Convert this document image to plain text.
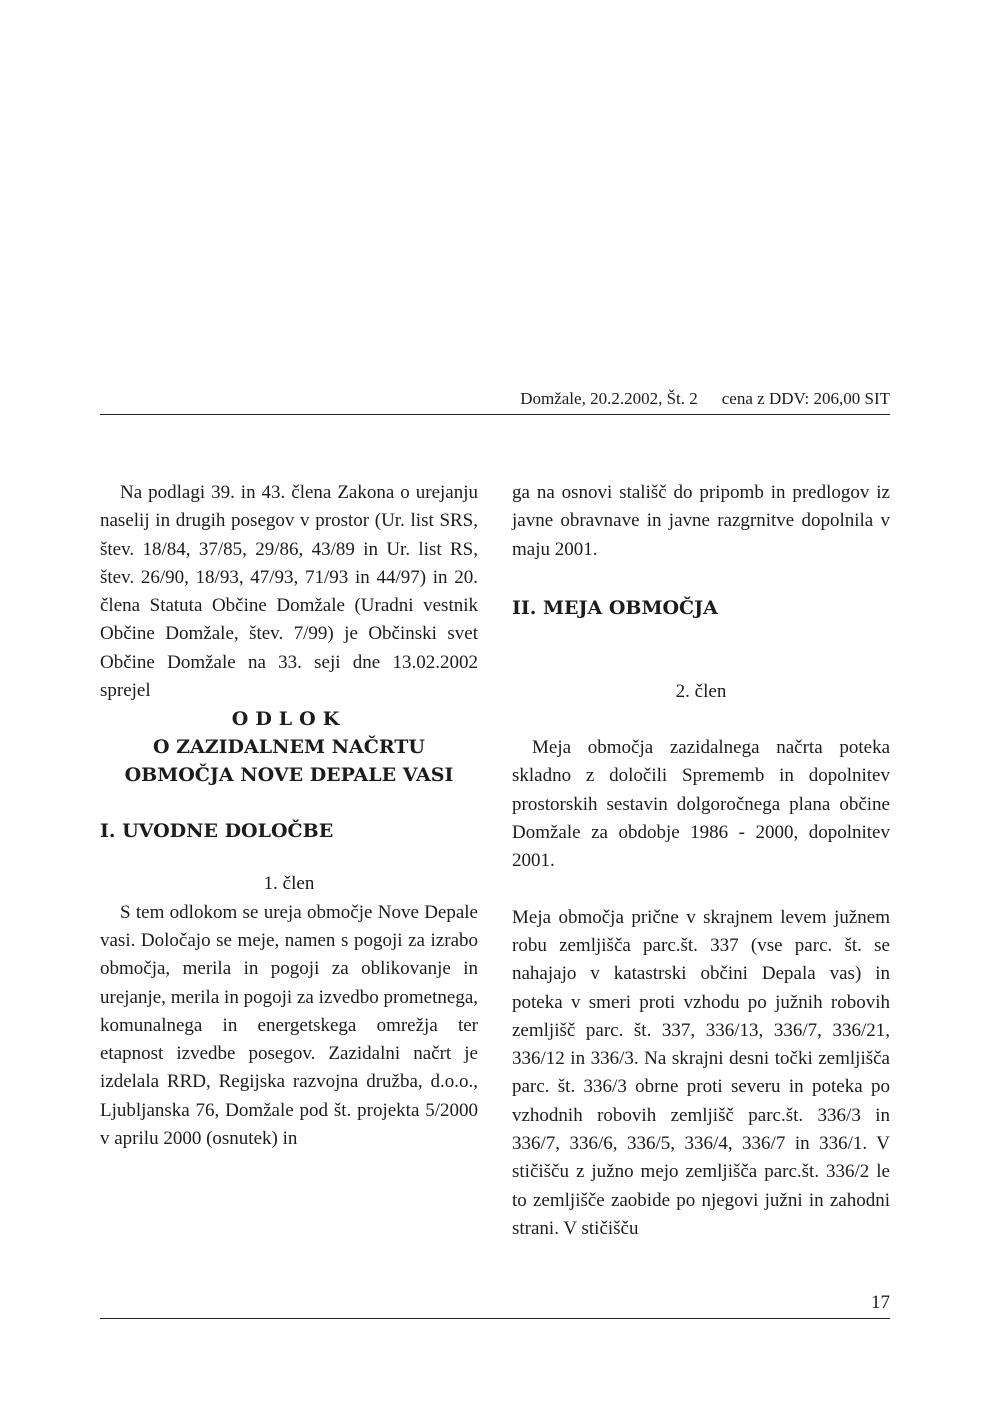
Domžale, 20.2.2002, Št. 2 cena z DDV: 206,00 SIT

Na podlagi 39. in 43. člena Zakona o urejanju naselij in drugih posegov v prostor (Ur. list SRS, štev. 18/84, 37/85, 29/86, 43/89 in Ur. list RS, štev. 26/90, 18/93, 47/93, 71/93 in 44/97) in 20. člena Statuta Občine Domžale (Uradni vestnik Občine Domžale, štev. 7/99) je Občinski svet Občine Domžale na 33. seji dne 13.02.2002 sprejel

ODLOK

O ZAZIDALNEM NAČRTU
OBMOČJA NOVE DEPALE VASI

I. UVODNE DOLOČBE

1. člen

S tem odlokom se ureja območje Nove Depale vasi. Določajo se meje, namen s pogoji za izrabo območja, merila in pogoji za oblikovanje in urejanje, merila in pogoji za izvedbo prometnega, komunalnega in energetskega omrežja ter etapnost izvedbe posegov. Zazidalni načrt je izdelala RRD, Regijska razvojna družba, d.o.o., Ljubljanska 76, Domžale pod št. projekta 5/2000 v aprilu 2000 (osnutek) in

ga na osnovi stališč do pripomb in predlogov iz javne obravnave in javne razgrnitve dopolnila v maju 2001.

II. MEJA OBMOČJA

2. člen

Meja območja zazidalnega načrta poteka skladno z določili Sprememb in dopolnitev prostorskih sestavin dolgoročnega plana občine Domžale za obdobje 1986 - 2000, dopolnitev 2001.

Meja območja prične v skrajnem levem južnem robu zemljišča parc.št. 337 (vse parc. št. se nahajajo v katastrski občini Depala vas) in poteka v smeri proti vzhodu po južnih robovih zemljišč parc. št. 337, 336/13, 336/7, 336/21, 336/12 in 336/3. Na skrajni desni točki zemljišča parc. št. 336/3 obrne proti severu in poteka po vzhodnih robovih zemljišč parc.št. 336/3 in 336/7, 336/6, 336/5, 336/4, 336/7 in 336/1. V stičišču z južno mejo zemljišča parc.št. 336/2 le to zemljišče zaobide po njegovi južni in zahodni strani. V stičišču

17
